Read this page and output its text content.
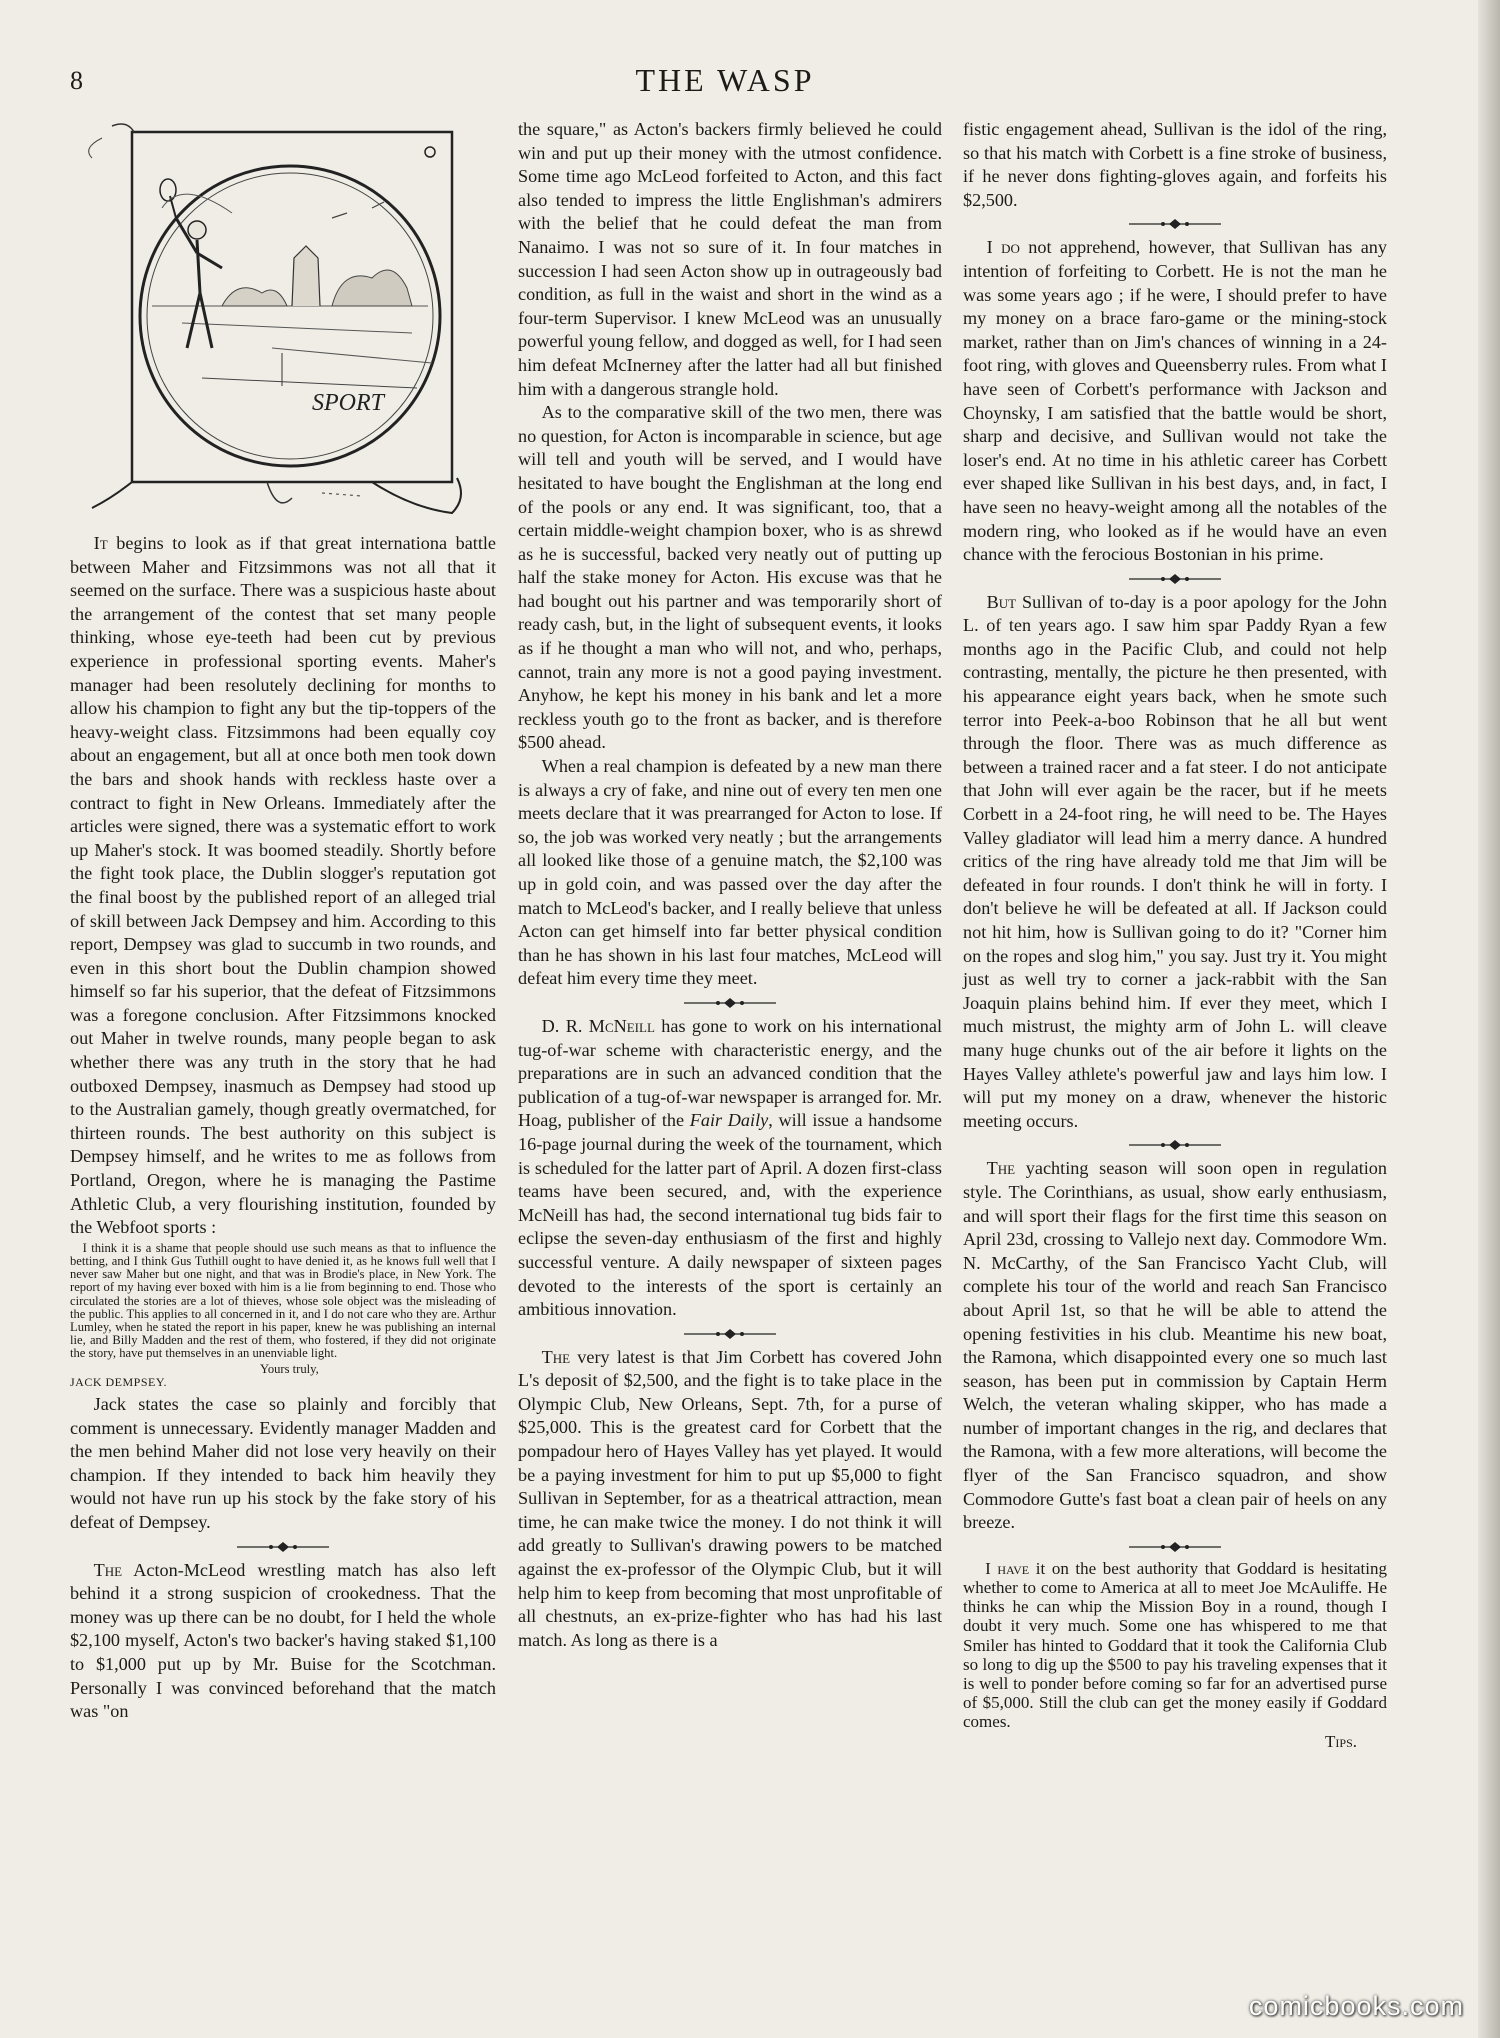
8	THE WASP
SPORT

It begins to look as if that great internationa battle between Maher and Fitzsimmons was not all that it seemed on the surface. There was a suspicious haste about the arrangement of the contest that set many people thinking, whose eye-teeth had been cut by previous experience in professional sporting events. Maher's manager had been resolutely declining for months to allow his champion to fight any but the tip-toppers of the heavy-weight class. Fitzsimmons had been equally coy about an engagement, but all at once both men took down the bars and shook hands with reckless haste over a contract to fight in New Orleans. Immediately after the articles were signed, there was a systematic effort to work up Maher's stock. It was boomed steadily. Shortly before the fight took place, the Dublin slogger's reputation got the final boost by the published report of an alleged trial of skill between Jack Dempsey and him. According to this report, Dempsey was glad to succumb in two rounds, and even in this short bout the Dublin champion showed himself so far his superior, that the defeat of Fitzsimmons was a foregone conclusion. After Fitzsimmons knocked out Maher in twelve rounds, many people began to ask whether there was any truth in the story that he had outboxed Dempsey, inasmuch as Dempsey had stood up to the Australian gamely, though greatly overmatched, for thirteen rounds. The best authority on this subject is Dempsey himself, and he writes to me as follows from Portland, Oregon, where he is managing the Pastime Athletic Club, a very flourishing institution, founded by the Webfoot sports :

I think it is a shame that people should use such means as that to influence the betting, and I think Gus Tuthill ought to have denied it, as he knows full well that I never saw Maher but one night, and that was in Brodie's place, in New York. The report of my having ever boxed with him is a lie from beginning to end. Those who circulated the stories are a lot of thieves, whose sole object was the misleading of the public. This applies to all concerned in it, and I do not care who they are. Arthur Lumley, when he stated the report in his paper, knew he was publishing an internal lie, and Billy Madden and the rest of them, who fostered, if they did not originate the story, have put themselves in an unenviable light.

Yours truly,

JACK DEMPSEY.

Jack states the case so plainly and forcibly that comment is unnecessary. Evidently manager Madden and the men behind Maher did not lose very heavily on their champion. If they intended to back him heavily they would not have run up his stock by the fake story of his defeat of Dempsey.

The Acton-McLeod wrestling match has also left behind it a strong suspicion of crookedness. That the money was up there can be no doubt, for I held the whole $2,100 myself, Acton's two backer's having staked $1,100 to $1,000 put up by Mr. Buise for the Scotchman. Personally I was convinced beforehand that the match was "on

the square," as Acton's backers firmly believed he could win and put up their money with the utmost confidence. Some time ago McLeod forfeited to Acton, and this fact also tended to impress the little Englishman's admirers with the belief that he could defeat the man from Nanaimo. I was not so sure of it. In four matches in succession I had seen Acton show up in outrageously bad condition, as full in the waist and short in the wind as a four-term Supervisor. I knew McLeod was an unusually powerful young fellow, and dogged as well, for I had seen him defeat McInerney after the latter had all but finished him with a dangerous strangle hold.

As to the comparative skill of the two men, there was no question, for Acton is incomparable in science, but age will tell and youth will be served, and I would have hesitated to have bought the Englishman at the long end of the pools or any end. It was significant, too, that a certain middle-weight champion boxer, who is as shrewd as he is successful, backed very neatly out of putting up half the stake money for Acton. His excuse was that he had bought out his partner and was temporarily short of ready cash, but, in the light of subsequent events, it looks as if he thought a man who will not, and who, perhaps, cannot, train any more is not a good paying investment. Anyhow, he kept his money in his bank and let a more reckless youth go to the front as backer, and is therefore $500 ahead.

When a real champion is defeated by a new man there is always a cry of fake, and nine out of every ten men one meets declare that it was prearranged for Acton to lose. If so, the job was worked very neatly ; but the arrangements all looked like those of a genuine match, the $2,100 was up in gold coin, and was passed over the day after the match to McLeod's backer, and I really believe that unless Acton can get himself into far better physical condition than he has shown in his last four matches, McLeod will defeat him every time they meet.

D. R. McNeill has gone to work on his international tug-of-war scheme with characteristic energy, and the preparations are in such an advanced condition that the publication of a tug-of-war newspaper is arranged for. Mr. Hoag, publisher of the Fair Daily, will issue a handsome 16-page journal during the week of the tournament, which is scheduled for the latter part of April. A dozen first-class teams have been secured, and, with the experience McNeill has had, the second international tug bids fair to eclipse the seven-day enthusiasm of the first and highly successful venture. A daily newspaper of sixteen pages devoted to the interests of the sport is certainly an ambitious innovation.

The very latest is that Jim Corbett has covered John L's deposit of $2,500, and the fight is to take place in the Olympic Club, New Orleans, Sept. 7th, for a purse of $25,000. This is the greatest card for Corbett that the pompadour hero of Hayes Valley has yet played. It would be a paying investment for him to put up $5,000 to fight Sullivan in September, for as a theatrical attraction, mean time, he can make twice the money. I do not think it will add greatly to Sullivan's drawing powers to be matched against the ex-professor of the Olympic Club, but it will help him to keep from becoming that most unprofitable of all chestnuts, an ex-prize-fighter who has had his last match. As long as there is a

fistic engagement ahead, Sullivan is the idol of the ring, so that his match with Corbett is a fine stroke of business, if he never dons fighting-gloves again, and forfeits his $2,500.

I do not apprehend, however, that Sullivan has any intention of forfeiting to Corbett. He is not the man he was some years ago ; if he were, I should prefer to have my money on a brace faro-game or the mining-stock market, rather than on Jim's chances of winning in a 24-foot ring, with gloves and Queensberry rules. From what I have seen of Corbett's performance with Jackson and Choynsky, I am satisfied that the battle would be short, sharp and decisive, and Sullivan would not take the loser's end. At no time in his athletic career has Corbett ever shaped like Sullivan in his best days, and, in fact, I have seen no heavy-weight among all the notables of the modern ring, who looked as if he would have an even chance with the ferocious Bostonian in his prime.

But Sullivan of to-day is a poor apology for the John L. of ten years ago. I saw him spar Paddy Ryan a few months ago in the Pacific Club, and could not help contrasting, mentally, the picture he then presented, with his appearance eight years back, when he smote such terror into Peek-a-boo Robinson that he all but went through the floor. There was as much difference as between a trained racer and a fat steer. I do not anticipate that John will ever again be the racer, but if he meets Corbett in a 24-foot ring, he will need to be. The Hayes Valley gladiator will lead him a merry dance. A hundred critics of the ring have already told me that Jim will be defeated in four rounds. I don't think he will in forty. I don't believe he will be defeated at all. If Jackson could not hit him, how is Sullivan going to do it? "Corner him on the ropes and slog him," you say. Just try it. You might just as well try to corner a jack-rabbit with the San Joaquin plains behind him. If ever they meet, which I much mistrust, the mighty arm of John L. will cleave many huge chunks out of the air before it lights on the Hayes Valley athlete's powerful jaw and lays him low. I will put my money on a draw, whenever the historic meeting occurs.

The yachting season will soon open in regulation style. The Corinthians, as usual, show early enthusiasm, and will sport their flags for the first time this season on April 23d, crossing to Vallejo next day. Commodore Wm. N. McCarthy, of the San Francisco Yacht Club, will complete his tour of the world and reach San Francisco about April 1st, so that he will be able to attend the opening festivities in his club. Meantime his new boat, the Ramona, which disappointed every one so much last season, has been put in commission by Captain Herm Welch, the veteran whaling skipper, who has made a number of important changes in the rig, and declares that the Ramona, with a few more alterations, will become the flyer of the San Francisco squadron, and show Commodore Gutte's fast boat a clean pair of heels on any breeze.

I have it on the best authority that Goddard is hesitating whether to come to America at all to meet Joe McAuliffe. He thinks he can whip the Mission Boy in a round, though I doubt it very much. Some one has whispered to me that Smiler has hinted to Goddard that it took the California Club so long to dig up the $500 to pay his traveling expenses that it is well to ponder before coming so far for an advertised purse of $5,000. Still the club can get the money easily if Goddard comes.

Tips.

comicbooks.com
